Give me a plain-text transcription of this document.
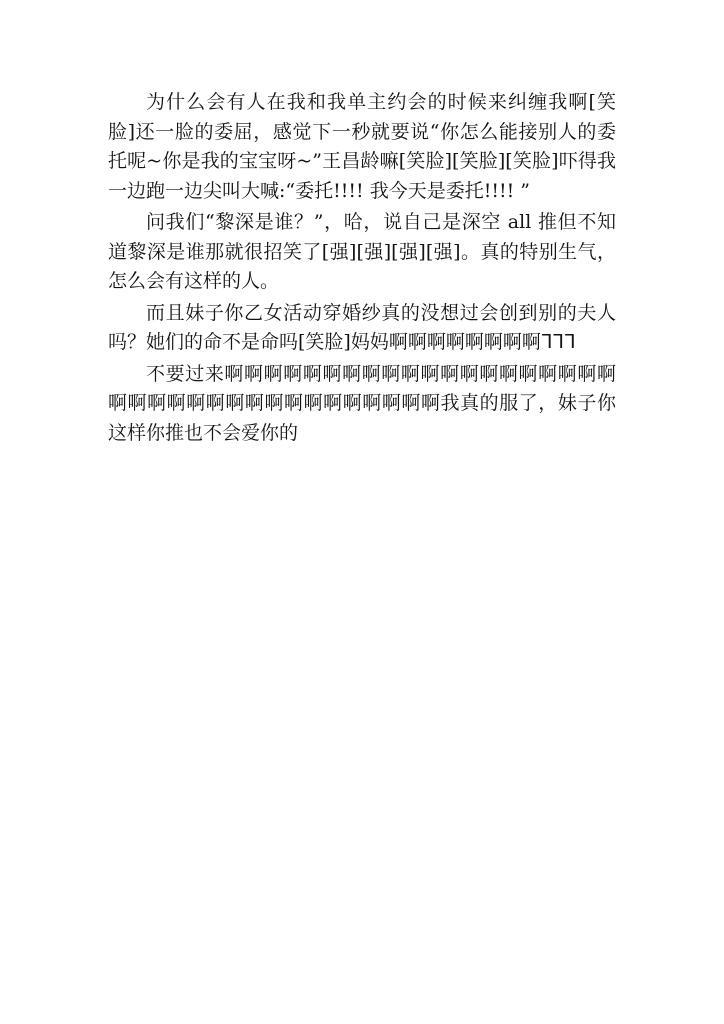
为什么会有人在我和我单主约会的时候来纠缠我啊[笑脸]还一脸的委屈，感觉下一秒就要说“你怎么能接别人的委托呢~你是我的宝宝呀~”王昌龄嘛[笑脸][笑脸][笑脸]吓得我一边跑一边尖叫大喊:“委托!!!! 我今天是委托!!!! ”

问我们“黎深是谁？”，哈，说自己是深空 all 推但不知道黎深是谁那就很招笑了[强][强][强][强]。真的特别生气，怎么会有这样的人。

而且妹子你乙女活动穿婚纱真的没想过会创到别的夫人吗？她们的命不是命吗[笑脸]妈妈啊啊啊啊啊啊啊啊ᒣᒣᒣ

不要过来啊啊啊啊啊啊啊啊啊啊啊啊啊啊啊啊啊啊啊啊啊啊啊啊啊啊啊啊啊啊啊啊啊啊啊啊啊我真的服了，妹子你这样你推也不会爱你的
